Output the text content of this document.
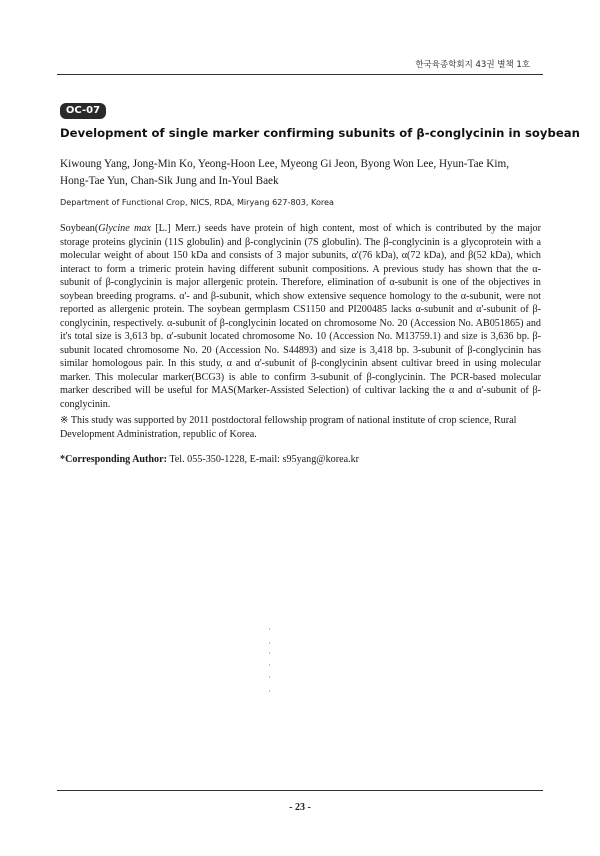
한국육종학회지 43권 별책 1호
OC-07
Development of single marker confirming subunits of β-conglycinin in soybean
Kiwoung Yang, Jong-Min Ko, Yeong-Hoon Lee, Myeong Gi Jeon, Byong Won Lee, Hyun-Tae Kim,
Hong-Tae Yun, Chan-Sik Jung and In-Youl Baek
Department of Functional Crop, NICS, RDA, Miryang 627-803, Korea
Soybean(Glycine max [L.] Merr.) seeds have protein of high content, most of which is contributed by the major storage proteins glycinin (11S globulin) and β-conglycinin (7S globulin). The β-conglycinin is a glycoprotein with a molecular weight of about 150 kDa and consists of 3 major subunits, α'(76 kDa), α(72 kDa), and β(52 kDa), which interact to form a trimeric protein having different subunit compositions. A previous study has shown that the α-subunit of β-conglycinin is major allergenic protein. Therefore, elimination of α-subunit is one of the objectives in soybean breeding programs. α'- and β-subunit, which show extensive sequence homology to the α-subunit, were not reported as allergenic protein. The soybean germplasm CS1150 and PI200485 lacks α-subunit and α'-subunit of β-conglycinin, respectively. α-subunit of β-conglycinin located on chromosome No. 20 (Accession No. AB051865) and it's total size is 3,613 bp. α'-subunit located chromosome No. 10 (Accession No. M13759.1) and size is 3,636 bp. β-subunit located chromosome No. 20 (Accession No. S44893) and size is 3,418 bp. 3-subunit of β-conglycinin has similar homologous pair. In this study, α and α'-subunit of β-conglycinin absent cultivar breed in using molecular marker. This molecular marker(BCG3) is able to confirm 3-subunit of β-conglycinin. The PCR-based molecular marker described will be useful for MAS(Marker-Assisted Selection) of cultivar lacking the α and α'-subunit of β-conglycinin.
※ This study was supported by 2011 postdoctoral fellowship program of national institute of crop science, Rural Development Administration, republic of Korea.
*Corresponding Author: Tel. 055-350-1228, E-mail: s95yang@korea.kr
- 23 -
